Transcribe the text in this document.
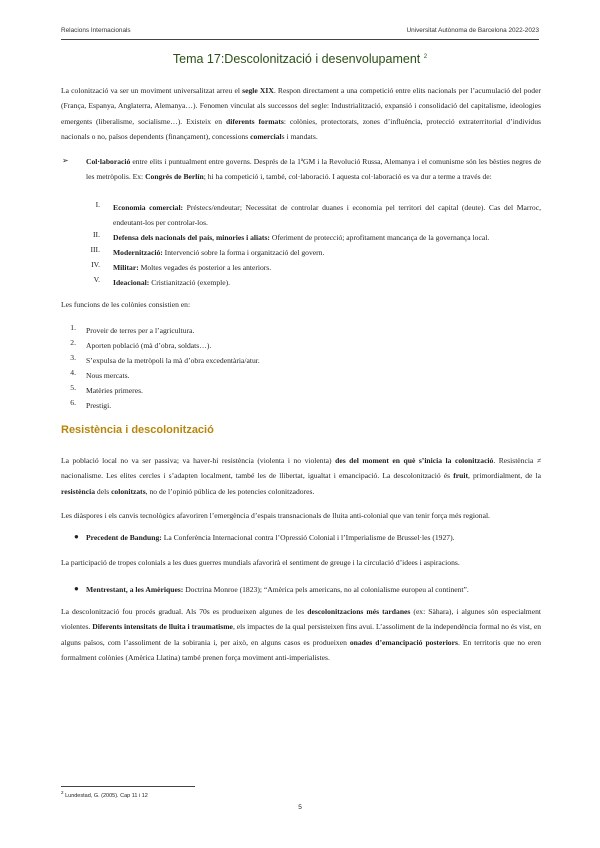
Relacions Internacionals	Universitat Autònoma de Barcelona 2022-2023
Tema 17:Descolonització i desenvolupament $^2$
La colonització va ser un moviment universalitzat arreu el segle XIX. Respon directament a una competició entre elits nacionals per l’acumulació del poder (França, Espanya, Anglaterra, Alemanya…). Fenomen vinculat als successos del segle: Industrialització, expansió i consolidació del capitalisme, ideologies emergents (liberalisme, socialisme…). Existeix en diferents formats: colònies, protectorats, zones d’influència, protecció extraterritorial d’individus nacionals o no, països dependents (finançament), concessions comercials i mandats.
➢ Col·laboració entre elits i puntualment entre governs. Després de la 1ªGM i la Revolució Russa, Alemanya i el comunisme són les bèsties negres de les metròpolis. Ex: Congrés de Berlín; hi ha competició i, també, col·laboració. I aquesta col·laboració es va dur a terme a través de:
I. Economia comercial: Préstecs/endeutar; Necessitat de controlar duanes i economia pel territori del capital (deute). Cas del Marroc, endeutant-los per controlar-los.
II. Defensa dels nacionals del país, minories i aliats: Oferiment de protecció; aprofitament mancança de la governança local.
III. Modernització: Intervenció sobre la forma i organització del govern.
IV. Militar: Moltes vegades és posterior a les anteriors.
V. Ideacional: Cristianització (exemple).
Les funcions de les colònies consistien en:
1. Proveir de terres per a l’agricultura.
2. Aporten població (mà d’obra, soldats…).
3. S’expulsa de la metròpoli la mà d’obra excedentària/atur.
4. Nous mercats.
5. Matèries primeres.
6. Prestigi.
Resistència i descolonització
La població local no va ser passiva; va haver-hi resistència (violenta i no violenta) des del moment en què s’inicia la colonització. Resistència ≠ nacionalisme. Les elites cercles i s’adapten localment, també les de llibertat, igualtat i emancipació. La descolonització és fruit, primordialment, de la resistència dels colonitzats, no de l’opinió pública de les potencies colonitzadores.
Les diàspores i els canvis tecnològics afavoriren l’emergència d’espais transnacionals de lluita anti-colonial que van tenir força més regional.
● Precedent de Bandung: La Conferència Internacional contra l’Opressió Colonial i l’Imperialisme de Brussel·les (1927).
La participació de tropes colonials a les dues guerres mundials afavorirà el sentiment de greuge i la circulació d’idees i aspiracions.
● Mentrestant, a les Amèriques: Doctrina Monroe (1823); “Amèrica pels americans, no al colonialisme europeu al continent”.
La descolonització fou procés gradual. Als 70s es produeixen algunes de les descolonitzacions més tardanes (ex: Sàhara), i algunes són especialment violentes. Diferents intensitats de lluita i traumatisme, els impactes de la qual persisteixen fins avui. L’assoliment de la independència formal no és vist, en alguns països, com l’assoliment de la sobirania i, per això, en alguns casos es produeixen onades d’emancipació posteriors. En territoris que no eren formalment colònies (Amèrica Llatina) també prenen força moviment anti-imperialistes.
$^2$ Lundestad, G. (2005). Cap 11 i 12
5
